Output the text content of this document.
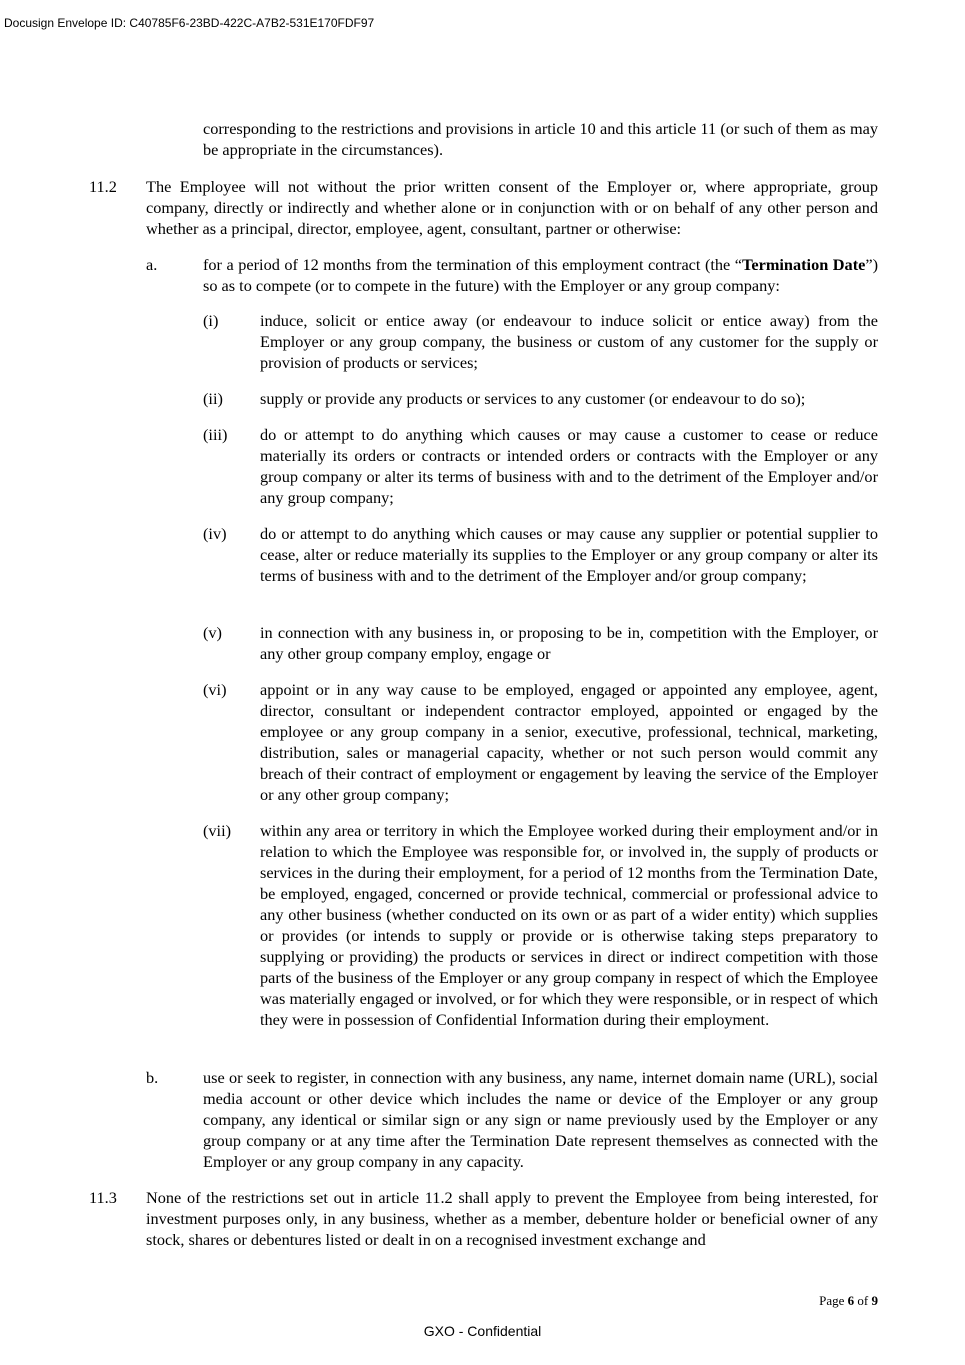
Docusign Envelope ID: C40785F6-23BD-422C-A7B2-531E170FDF97
corresponding to the restrictions and provisions in article 10 and this article 11 (or such of them as may be appropriate in the circumstances).
11.2 The Employee will not without the prior written consent of the Employer or, where appropriate, group company, directly or indirectly and whether alone or in conjunction with or on behalf of any other person and whether as a principal, director, employee, agent, consultant, partner or otherwise:
a.	for a period of 12 months from the termination of this employment contract (the “Termination Date”) so as to compete (or to compete in the future) with the Employer or any group company:
(i)	induce, solicit or entice away (or endeavour to induce solicit or entice away) from the Employer or any group company, the business or custom of any customer for the supply or provision of products or services;
(ii) supply or provide any products or services to any customer (or endeavour to do so);
(iii) do or attempt to do anything which causes or may cause a customer to cease or reduce materially its orders or contracts or intended orders or contracts with the Employer or any group company or alter its terms of business with and to the detriment of the Employer and/or any group company;
(iv) do or attempt to do anything which causes or may cause any supplier or potential supplier to cease, alter or reduce materially its supplies to the Employer or any group company or alter its terms of business with and to the detriment of the Employer and/or group company;
(v) in connection with any business in, or proposing to be in, competition with the Employer, or any other group company employ, engage or
(vi) appoint or in any way cause to be employed, engaged or appointed any employee, agent, director, consultant or independent contractor employed, appointed or engaged by the employee or any group company in a senior, executive, professional, technical, marketing, distribution, sales or managerial capacity, whether or not such person would commit any breach of their contract of employment or engagement by leaving the service of the Employer or any other group company;
(vii) within any area or territory in which the Employee worked during their employment and/or in relation to which the Employee was responsible for, or involved in, the supply of products or services in the during their employment, for a period of 12 months from the Termination Date, be employed, engaged, concerned or provide technical, commercial or professional advice to any other business (whether conducted on its own or as part of a wider entity) which supplies or provides (or intends to supply or provide or is otherwise taking steps preparatory to supplying or providing) the products or services in direct or indirect competition with those parts of the business of the Employer or any group company in respect of which the Employee was materially engaged or involved, or for which they were responsible, or in respect of which they were in possession of Confidential Information during their employment.
b.	use or seek to register, in connection with any business, any name, internet domain name (URL), social media account or other device which includes the name or device of the Employer or any group company, any identical or similar sign or any sign or name previously used by the Employer or any group company or at any time after the Termination Date represent themselves as connected with the Employer or any group company in any capacity.
11.3 None of the restrictions set out in article 11.2 shall apply to prevent the Employee from being interested, for investment purposes only, in any business, whether as a member, debenture holder or beneficial owner of any stock, shares or debentures listed or dealt in on a recognised investment exchange and
Page 6 of 9
GXO - Confidential
